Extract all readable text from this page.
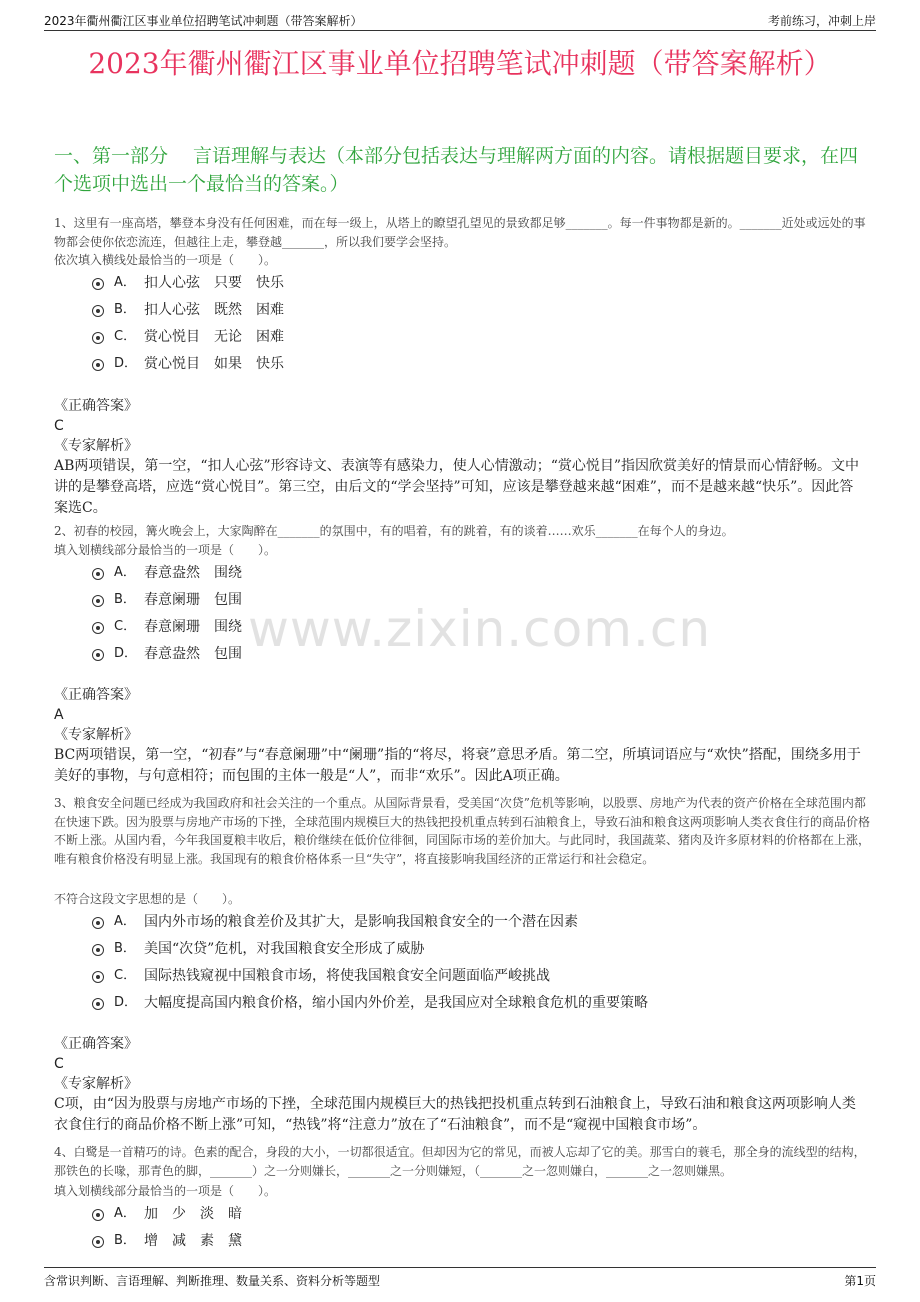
2023年衢州衢江区事业单位招聘笔试冲刺题（带答案解析）	考前练习，冲刺上岸
2023年衢州衢江区事业单位招聘笔试冲刺题（带答案解析）
一、第一部分　 言语理解与表达（本部分包括表达与理解两方面的内容。请根据题目要求，在四个选项中选出一个最恰当的答案。）
www.zixin.com.cn
1、这里有一座高塔，攀登本身没有任何困难，而在每一级上，从塔上的瞭望孔望见的景致都足够_______。每一件事物都是新的。_______近处或远处的事物都会使你依恋流连，但越往上走，攀登越_______，所以我们要学会坚持。
依次填入横线处最恰当的一项是（　　）。
A． 扣人心弦　只要　快乐
B． 扣人心弦　既然　困难
C． 赏心悦目　无论　困难
D． 赏心悦目　如果　快乐
《正确答案》
C
《专家解析》
AB两项错误，第一空，“扣人心弦”形容诗文、表演等有感染力，使人心情激动；“赏心悦目”指因欣赏美好的情景而心情舒畅。文中讲的是攀登高塔，应选“赏心悦目”。第三空，由后文的“学会坚持”可知，应该是攀登越来越“困难”，而不是越来越“快乐”。因此答案选C。
2、初春的校园，篝火晚会上，大家陶醉在_______的氛围中，有的唱着，有的跳着，有的谈着……欢乐_______在每个人的身边。
填入划横线部分最恰当的一项是（　　）。
A． 春意盎然　围绕
B． 春意阑珊　包围
C． 春意阑珊　围绕
D． 春意盎然　包围
《正确答案》
A
《专家解析》
BC两项错误，第一空，“初春”与“春意阑珊”中“阑珊”指的“将尽，将衰”意思矛盾。第二空，所填词语应与“欢快”搭配，围绕多用于美好的事物，与句意相符；而包围的主体一般是“人”，而非“欢乐”。因此A项正确。
3、粮食安全问题已经成为我国政府和社会关注的一个重点。从国际背景看，受美国“次贷”危机等影响，以股票、房地产为代表的资产价格在全球范围内都在快速下跌。因为股票与房地产市场的下挫，全球范围内规模巨大的热钱把投机重点转到石油粮食上，导致石油和粮食这两项影响人类衣食住行的商品价格不断上涨。从国内看，今年我国夏粮丰收后，粮价继续在低价位徘徊，同国际市场的差价加大。与此同时，我国蔬菜、猪肉及许多原材料的价格都在上涨，唯有粮食价格没有明显上涨。我国现有的粮食价格体系一旦“失守”，将直接影响我国经济的正常运行和社会稳定。
不符合这段文字思想的是（　　）。
A． 国内外市场的粮食差价及其扩大，是影响我国粮食安全的一个潜在因素
B． 美国“次贷”危机，对我国粮食安全形成了威胁
C． 国际热钱窥视中国粮食市场，将使我国粮食安全问题面临严峻挑战
D． 大幅度提高国内粮食价格，缩小国内外价差，是我国应对全球粮食危机的重要策略
《正确答案》
C
《专家解析》
C项，由“因为股票与房地产市场的下挫，全球范围内规模巨大的热钱把投机重点转到石油粮食上，导致石油和粮食这两项影响人类衣食住行的商品价格不断上涨”可知，“热钱”将“注意力”放在了“石油粮食”，而不是“窥视中国粮食市场”。
4、白鹭是一首精巧的诗。色素的配合，身段的大小，一切都很适宜。但却因为它的常见，而被人忘却了它的美。那雪白的蓑毛，那全身的流线型的结构，那铁色的长喙，那青色的脚，_______）之一分则嫌长，_______之一分则嫌短，（_______之一忽则嫌白，_______之一忽则嫌黑。
填入划横线部分最恰当的一项是（　　）。
A． 加　少　淡　暗
B． 增　减　素　黛
含常识判断、言语理解、判断推理、数量关系、资料分析等题型	第1页
